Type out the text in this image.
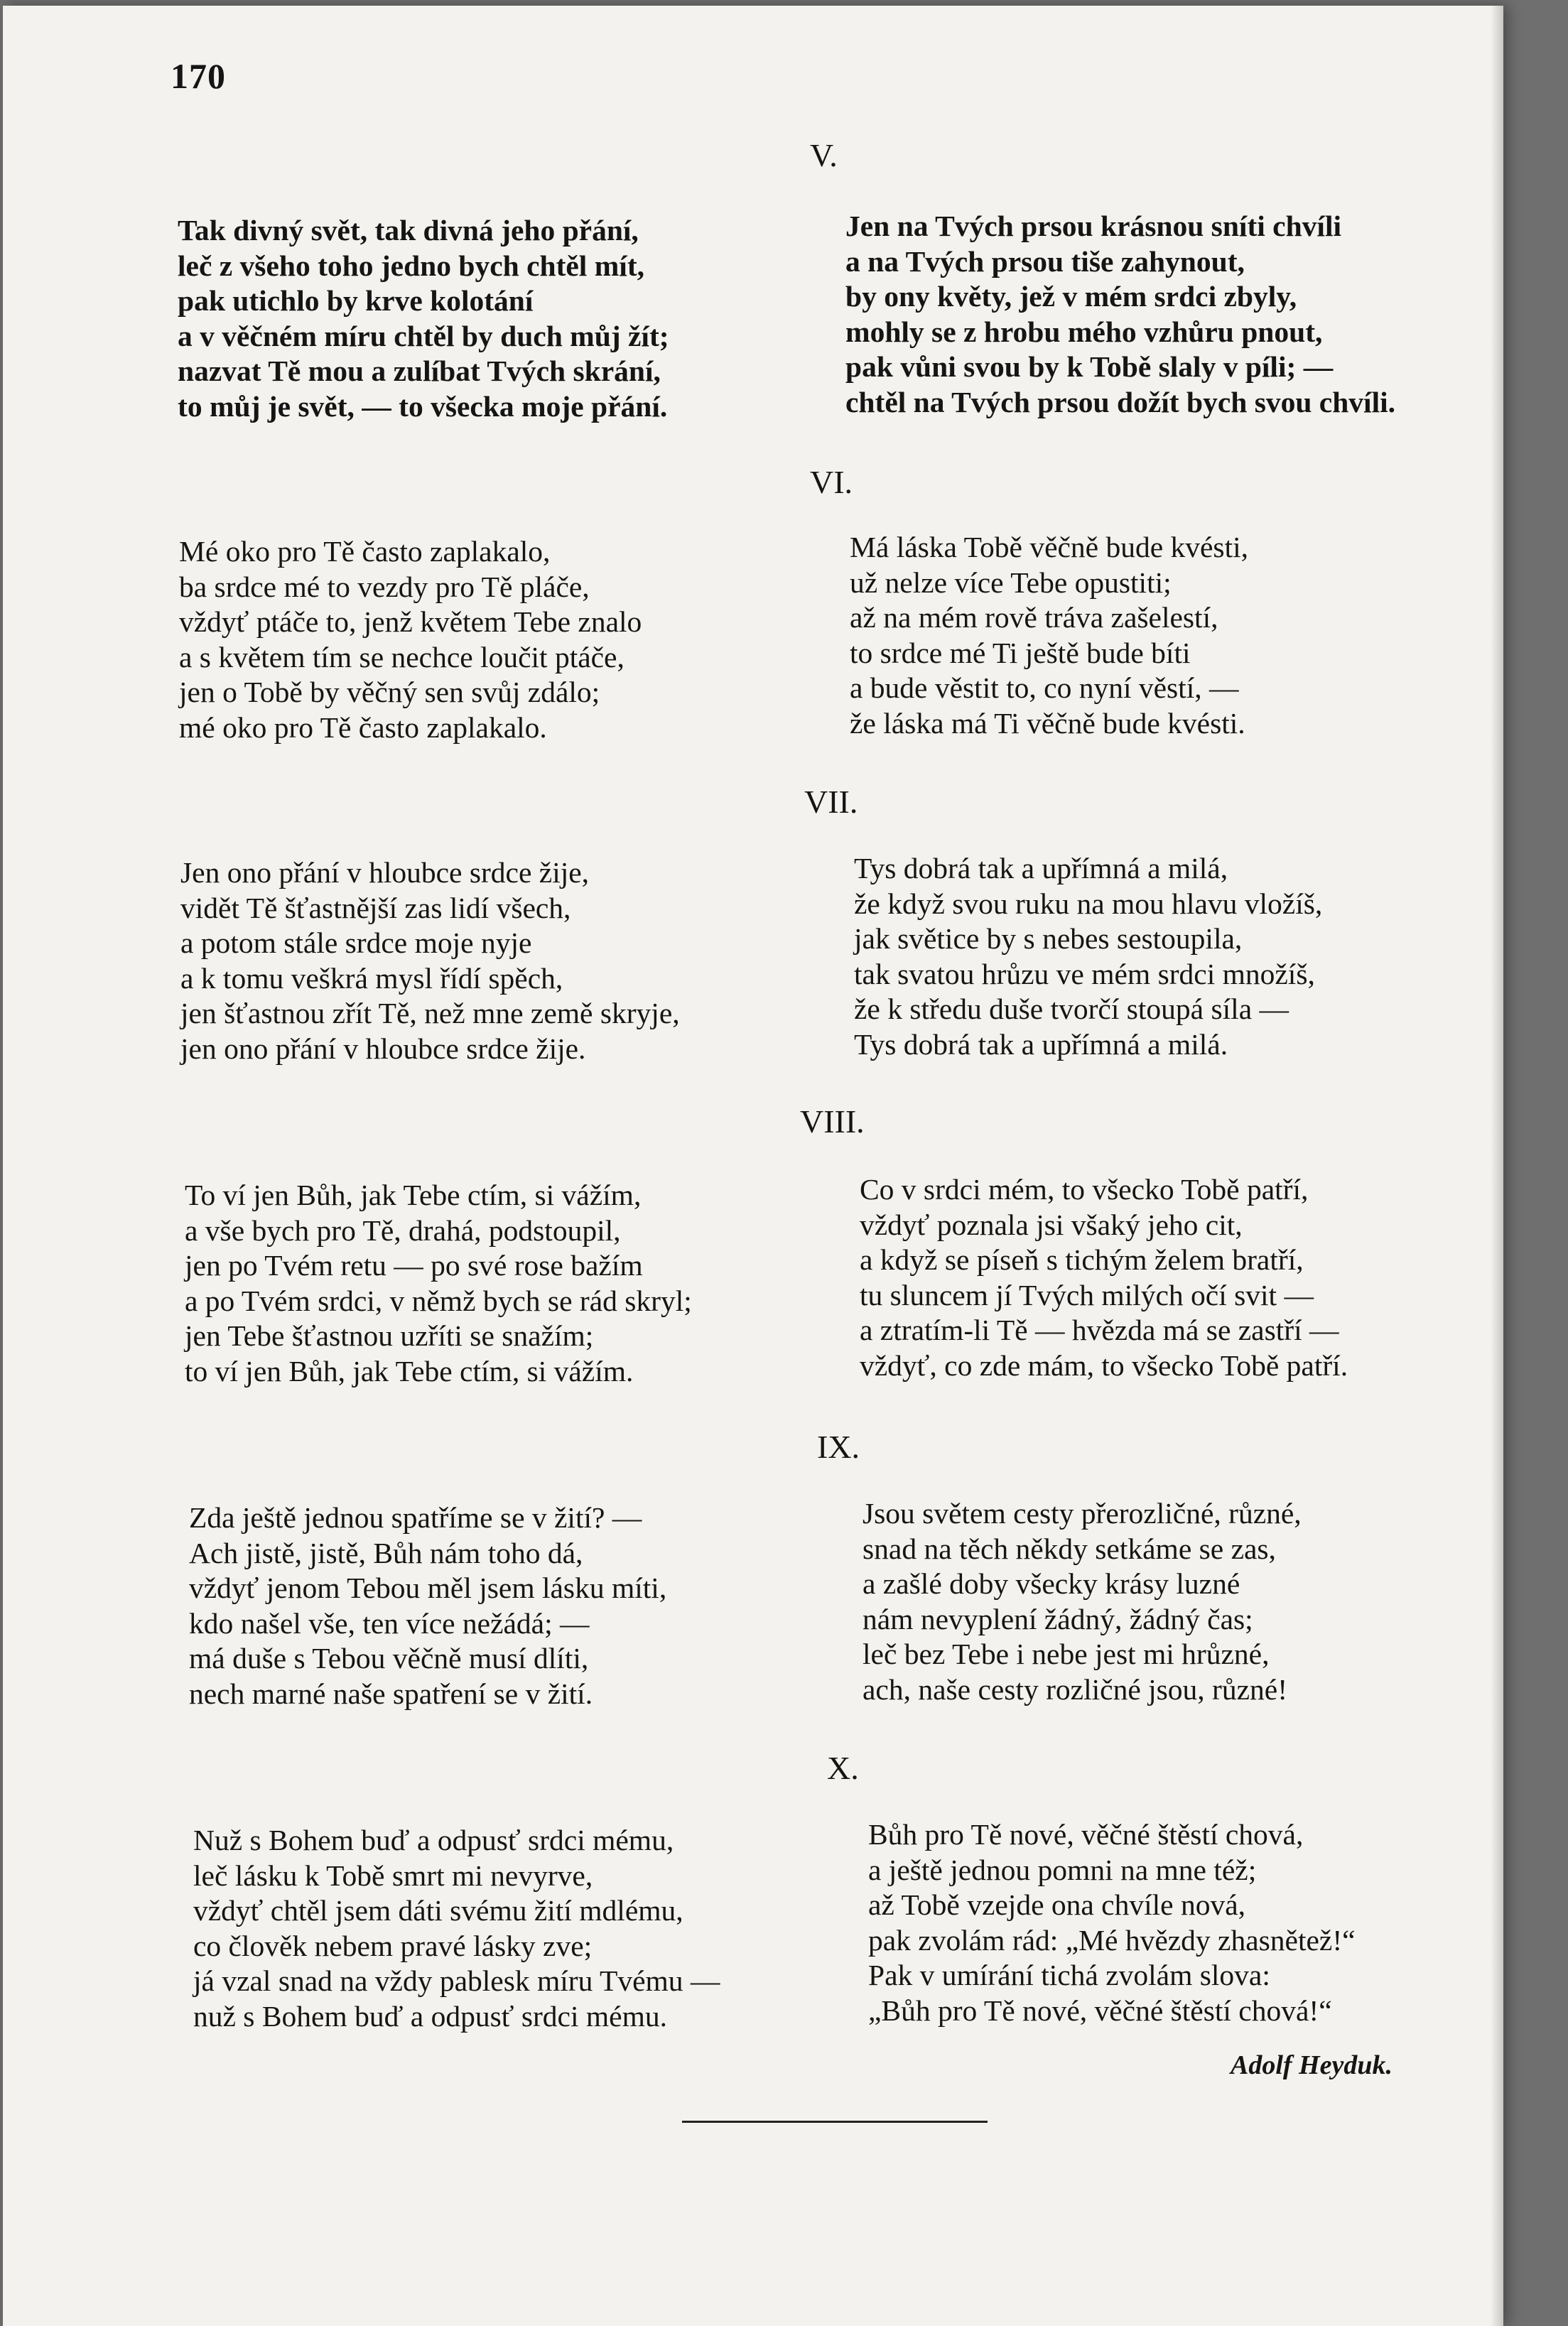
170
V.
Tak divný svět, tak divná jeho přání,
leč z všeho toho jedno bych chtěl mít,
pak utichlo by krve kolotání
a v věčném míru chtěl by duch můj žít;
nazvat Tě mou a zulíbat Tvých skrání,
to můj je svět, — to všecka moje přání.
Jen na Tvých prsou krásnou sníti chvíli
a na Tvých prsou tiše zahynout,
by ony květy, jež v mém srdci zbyly,
mohly se z hrobu mého vzhůru pnout,
pak vůni svou by k Tobě slaly v píli; —
chtěl na Tvých prsou dožít bych svou chvíli.
VI.
Mé oko pro Tě často zaplakalo,
ba srdce mé to vezdy pro Tě pláče,
vždyť ptáče to, jenž květem Tebe znalo
a s květem tím se nechce loučit ptáče,
jen o Tobě by věčný sen svůj zdálo;
mé oko pro Tě často zaplakalo.
Má láska Tobě věčně bude kvésti,
už nelze více Tebe opustiti;
až na mém rově tráva zašelestí,
to srdce mé Ti ještě bude bíti
a bude věstit to, co nyní věstí, —
že láska má Ti věčně bude kvésti.
VII.
Jen ono přání v hloubce srdce žije,
vidět Tě šťastnější zas lidí všech,
a potom stále srdce moje nyje
a k tomu veškrá mysl řídí spěch,
jen šťastnou zřít Tě, než mne země skryje,
jen ono přání v hloubce srdce žije.
Tys dobrá tak a upřímná a milá,
že když svou ruku na mou hlavu vložíš,
jak světice by s nebes sestoupila,
tak svatou hrůzu ve mém srdci množíš,
že k středu duše tvorčí stoupá síla —
Tys dobrá tak a upřímná a milá.
VIII.
To ví jen Bůh, jak Tebe ctím, si vážím,
a vše bych pro Tě, drahá, podstoupil,
jen po Tvém retu — po své rose bažím
a po Tvém srdci, v němž bych se rád skryl;
jen Tebe šťastnou uzříti se snažím;
to ví jen Bůh, jak Tebe ctím, si vážím.
Co v srdci mém, to všecko Tobě patří,
vždyť poznala jsi všaký jeho cit,
a když se píseň s tichým želem bratří,
tu sluncem jí Tvých milých očí svit —
a ztratím-li Tě — hvězda má se zastří —
vždyť, co zde mám, to všecko Tobě patří.
IX.
Zda ještě jednou spatříme se v žití? —
Ach jistě, jistě, Bůh nám toho dá,
vždyť jenom Tebou měl jsem lásku míti,
kdo našel vše, ten více nežádá; —
má duše s Tebou věčně musí dlíti,
nech marné naše spatření se v žití.
Jsou světem cesty přerozličné, různé,
snad na těch někdy setkáme se zas,
a zašlé doby všecky krásy luzné
nám nevyplení žádný, žádný čas;
leč bez Tebe i nebe jest mi hrůzné,
ach, naše cesty rozličné jsou, různé!
X.
Nuž s Bohem buď a odpusť srdci mému,
leč lásku k Tobě smrt mi nevyrve,
vždyť chtěl jsem dáti svému žití mdlému,
co člověk nebem pravé lásky zve;
já vzal snad na vždy pablesk míru Tvému —
nuž s Bohem buď a odpusť srdci mému.
Bůh pro Tě nové, věčné štěstí chová,
a ještě jednou pomni na mne též;
až Tobě vzejde ona chvíle nová,
pak zvolám rád: „Mé hvězdy zhasnětež!“
Pak v umírání tichá zvolám slova:
„Bůh pro Tě nové, věčné štěstí chová!“
Adolf Heyduk.
